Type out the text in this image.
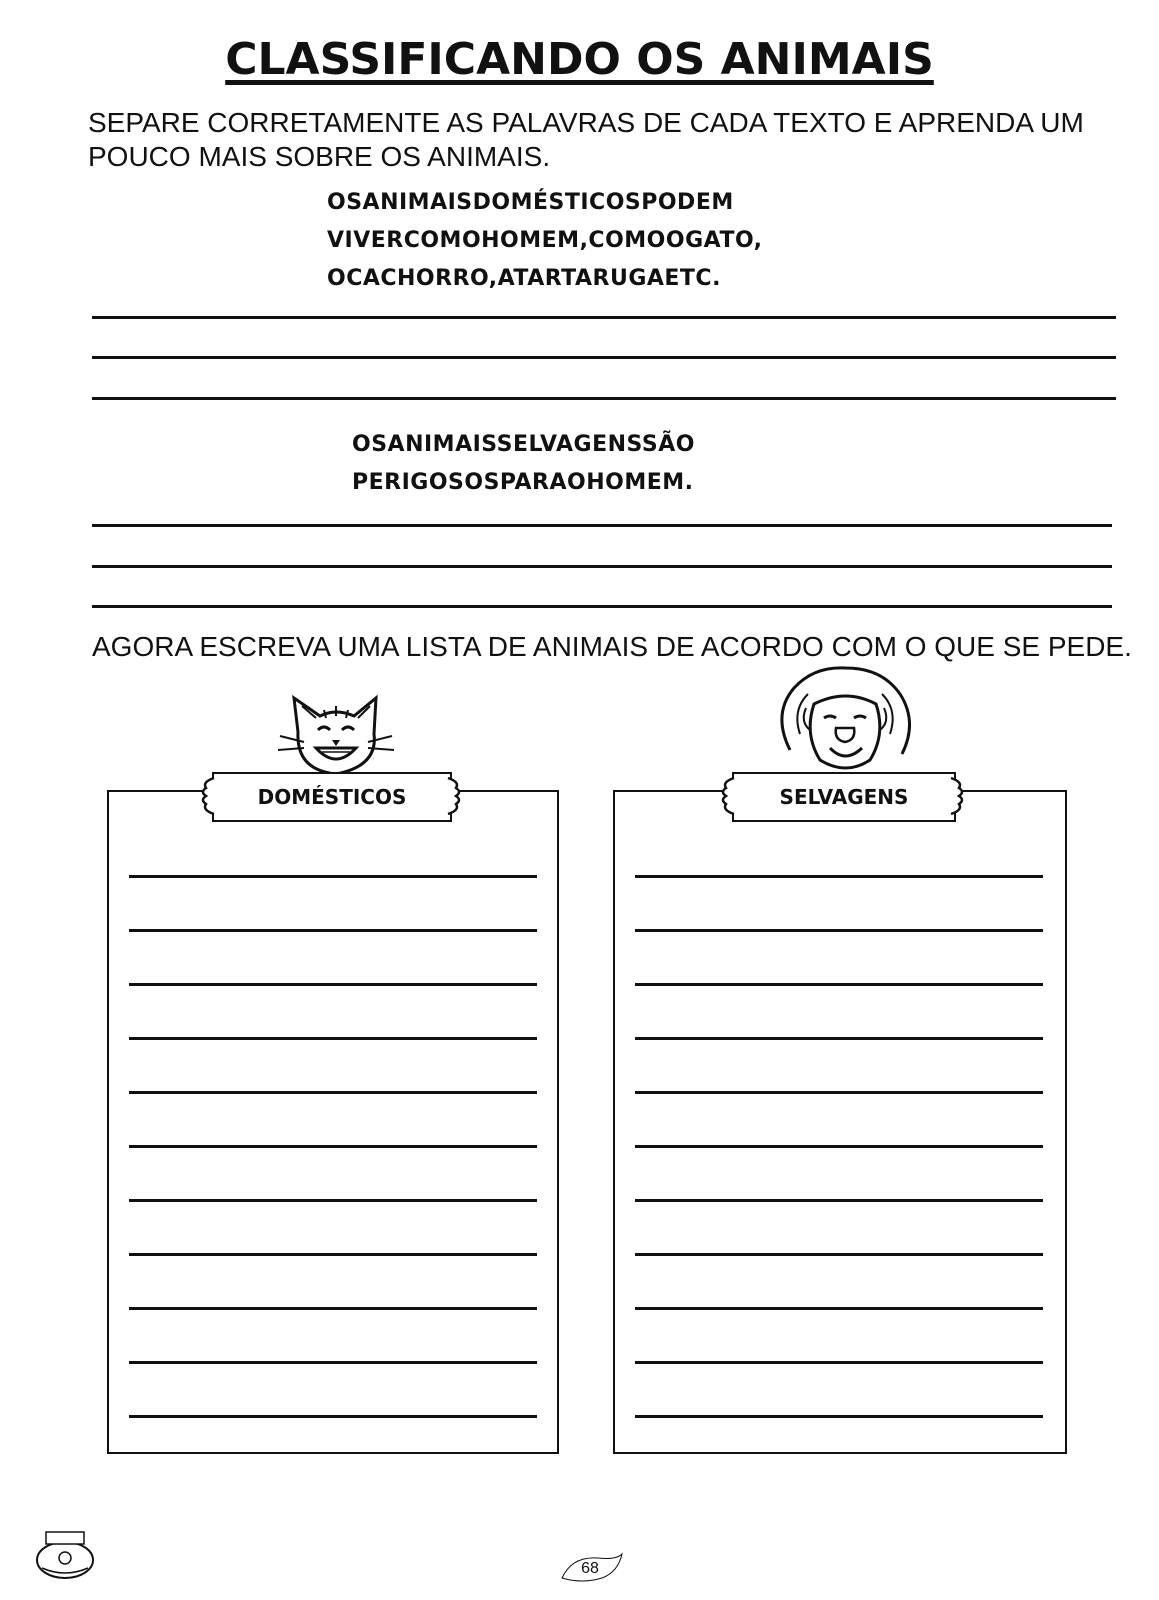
CLASSIFICANDO OS ANIMAIS
SEPARE CORRETAMENTE AS PALAVRAS DE CADA TEXTO E APRENDA UM POUCO MAIS SOBRE OS ANIMAIS.
OSANIMAISDOMÉSTICOSPODEM
VIVERCOMOHOMEM,COMOOGATO,
OCACHORRO,ATARTARUGAETC.
OSANIMAISSELVAGENSSÃO
PERIGOSOSPARAOHOMEM.
AGORA ESCREVA UMA LISTA DE ANIMAIS DE ACORDO COM O QUE SE PEDE.
DOMÉSTICOS	SELVAGENS
68
